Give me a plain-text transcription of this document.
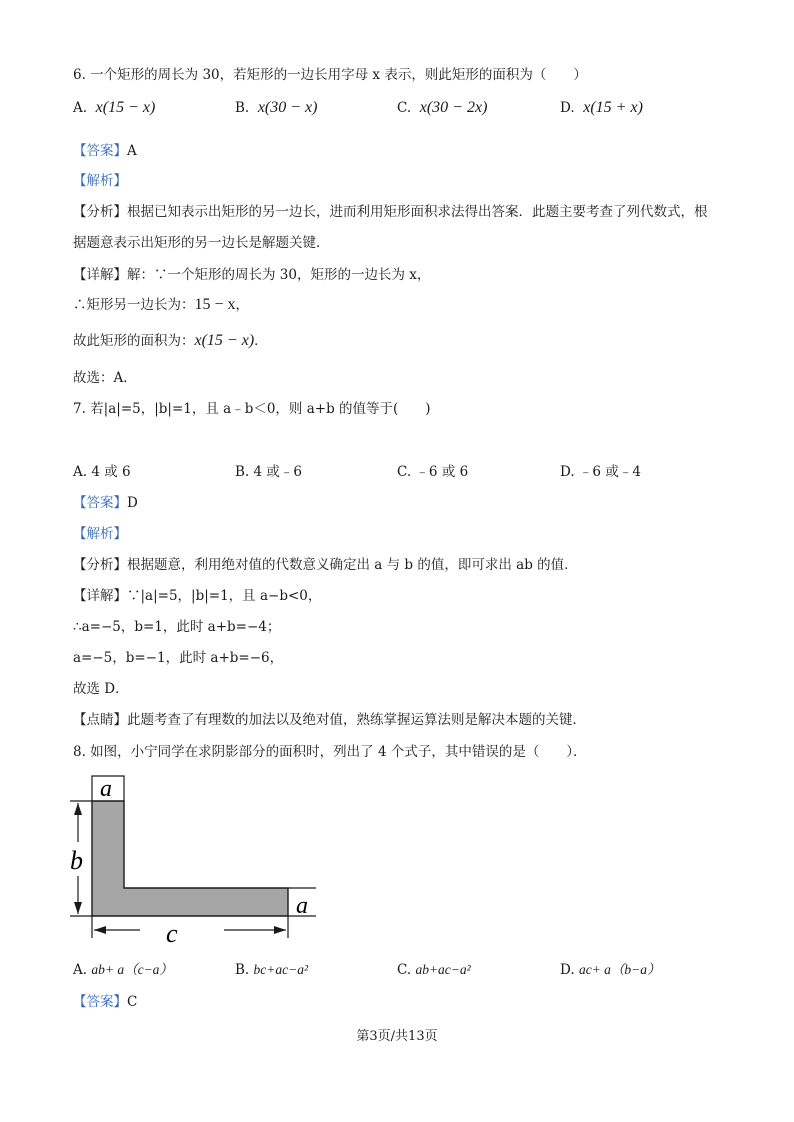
6. 一个矩形的周长为 30，若矩形的一边长用字母 x 表示，则此矩形的面积为（　　）
A. x(15 − x)	B. x(30 − x)	C. x(30 − 2x)	D. x(15 + x)
【答案】A
【解析】
【分析】根据已知表示出矩形的另一边长，进而利用矩形面积求法得出答案．此题主要考查了列代数式，根
据题意表示出矩形的另一边长是解题关键．
【详解】解：∵一个矩形的周长为 30，矩形的一边长为 x，
∴矩形另一边长为：15 − x，
故此矩形的面积为：x(15 − x)．
故选：A．
7. 若|a|=5，|b|=1，且 a﹣b＜0，则 a+b 的值等于(　　)
A. 4 或 6	B. 4 或﹣6	C. ﹣6 或 6	D. ﹣6 或﹣4
【答案】D
【解析】
【分析】根据题意，利用绝对值的代数意义确定出 a 与 b 的值，即可求出 ab 的值．
【详解】∵|a|=5，|b|=1，且 a−b<0，
∴a=−5，b=1，此时 a+b=−4；
a=−5，b=−1，此时 a+b=−6，
故选 D．
【点睛】此题考查了有理数的加法以及绝对值，熟练掌握运算法则是解决本题的关键．
8. 如图，小宁同学在求阴影部分的面积时，列出了 4 个式子，其中错误的是（　　）．
a
b
a
c
A. ab+ a（c−a）	B. bc+ac−a²	C. ab+ac−a²	D. ac+ a（b−a）
【答案】C
第3页/共13页
